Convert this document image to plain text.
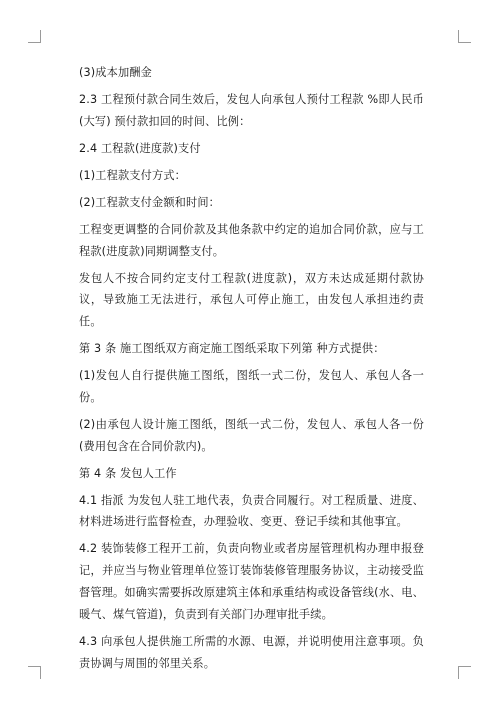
(3)成本加酬金

2.3 工程预付款合同生效后，发包人向承包人预付工程款 %即人民币(大写) 预付款扣回的时间、比例：

2.4 工程款(进度款)支付

(1)工程款支付方式：

(2)工程款支付金额和时间：

工程变更调整的合同价款及其他条款中约定的追加合同价款，应与工程款(进度款)同期调整支付。

发包人不按合同约定支付工程款(进度款)，双方未达成延期付款协议，导致施工无法进行，承包人可停止施工，由发包人承担违约责任。

第 3 条 施工图纸双方商定施工图纸采取下列第 种方式提供：

(1)发包人自行提供施工图纸，图纸一式二份，发包人、承包人各一份。

(2)由承包人设计施工图纸，图纸一式二份，发包人、承包人各一份(费用包含在合同价款内)。

第 4 条 发包人工作

4.1 指派 为发包人驻工地代表，负责合同履行。对工程质量、进度、材料进场进行监督检查，办理验收、变更、登记手续和其他事宜。

4.2 装饰装修工程开工前，负责向物业或者房屋管理机构办理申报登记，并应当与物业管理单位签订装饰装修管理服务协议，主动接受监督管理。如确实需要拆改原建筑主体和承重结构或设备管线(水、电、暖气、煤气管道)，负责到有关部门办理审批手续。

4.3 向承包人提供施工所需的水源、电源，并说明使用注意事项。负责协调与周围的邻里关系。
